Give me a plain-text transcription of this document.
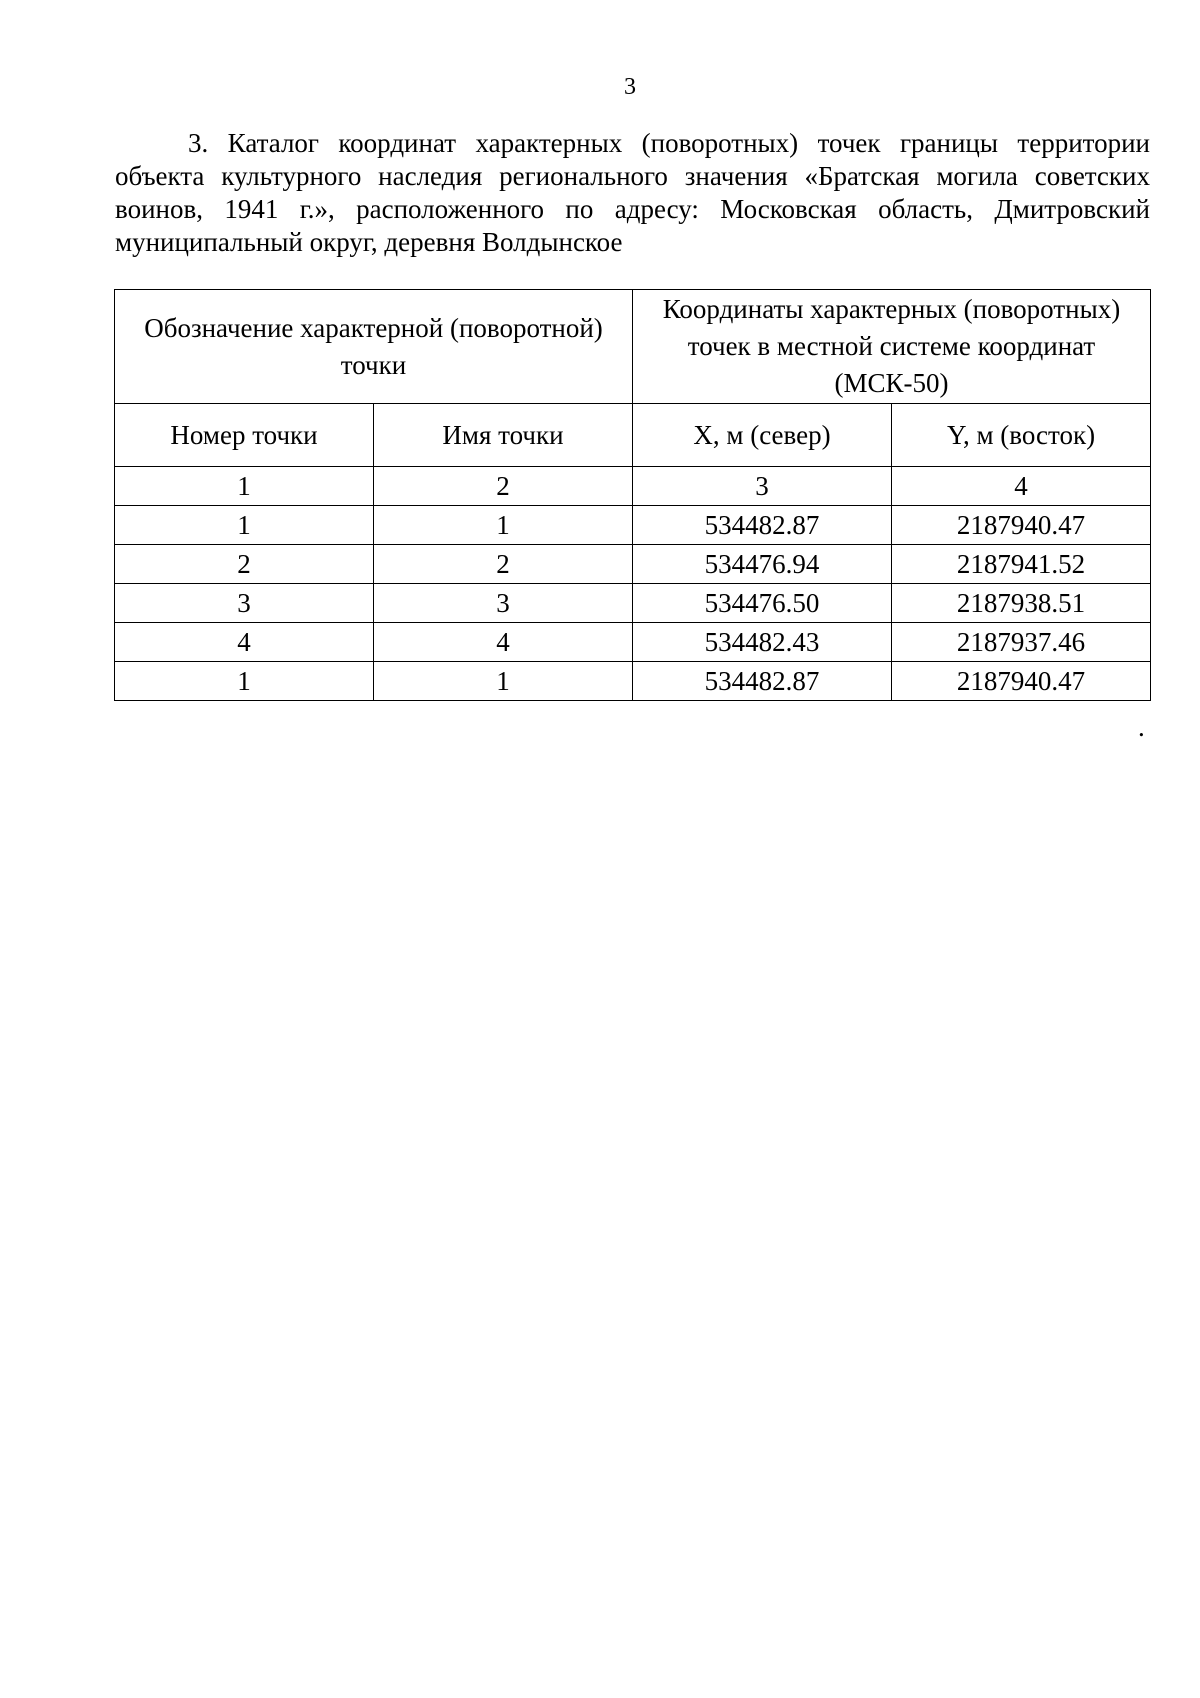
3

3. Каталог координат характерных (поворотных) точек границы территории объекта культурного наследия регионального значения «Братская могила советских воинов, 1941 г.», расположенного по адресу: Московская область, Дмитровский муниципальный округ, деревня Волдынское

Обозначение характерной (поворотной) точки		Координаты характерных (поворотных) точек в местной системе координат (МСК-50)	
Номер точки	Имя точки	X, м (север)	Y, м (восток)
1	2	3	4
1	1	534482.87	2187940.47
2	2	534476.94	2187941.52
3	3	534476.50	2187938.51
4	4	534482.43	2187937.46
1	1	534482.87	2187940.47
.
